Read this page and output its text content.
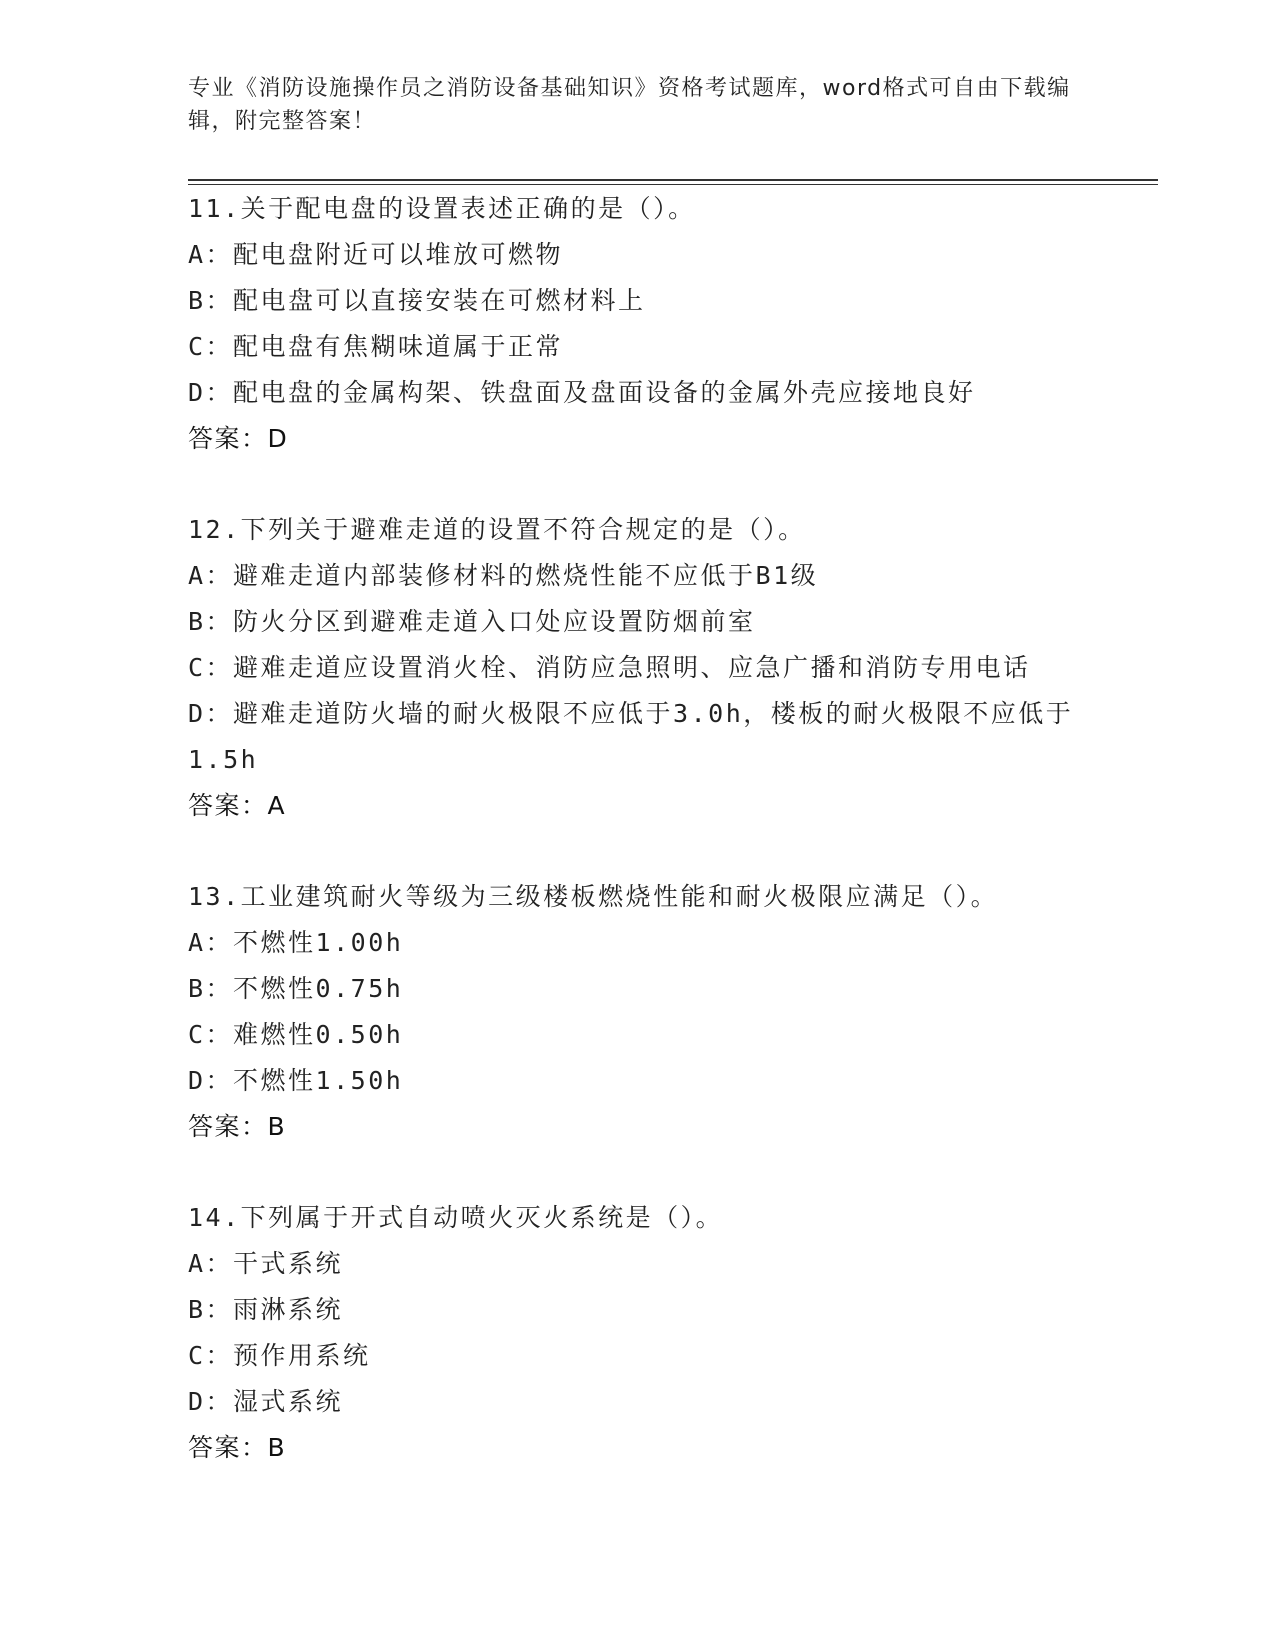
专业《消防设施操作员之消防设备基础知识》资格考试题库，word格式可自由下载编辑，附完整答案！
11.关于配电盘的设置表述正确的是（）。
A：配电盘附近可以堆放可燃物
B：配电盘可以直接安装在可燃材料上
C：配电盘有焦糊味道属于正常
D：配电盘的金属构架、铁盘面及盘面设备的金属外壳应接地良好
答案：D
12.下列关于避难走道的设置不符合规定的是（）。
A：避难走道内部装修材料的燃烧性能不应低于B1级
B：防火分区到避难走道入口处应设置防烟前室
C：避难走道应设置消火栓、消防应急照明、应急广播和消防专用电话
D：避难走道防火墙的耐火极限不应低于3.0h，楼板的耐火极限不应低于1.5h
答案：A
13.工业建筑耐火等级为三级楼板燃烧性能和耐火极限应满足（）。
A：不燃性1.00h
B：不燃性0.75h
C：难燃性0.50h
D：不燃性1.50h
答案：B
14.下列属于开式自动喷火灭火系统是（）。
A：干式系统
B：雨淋系统
C：预作用系统
D：湿式系统
答案：B
